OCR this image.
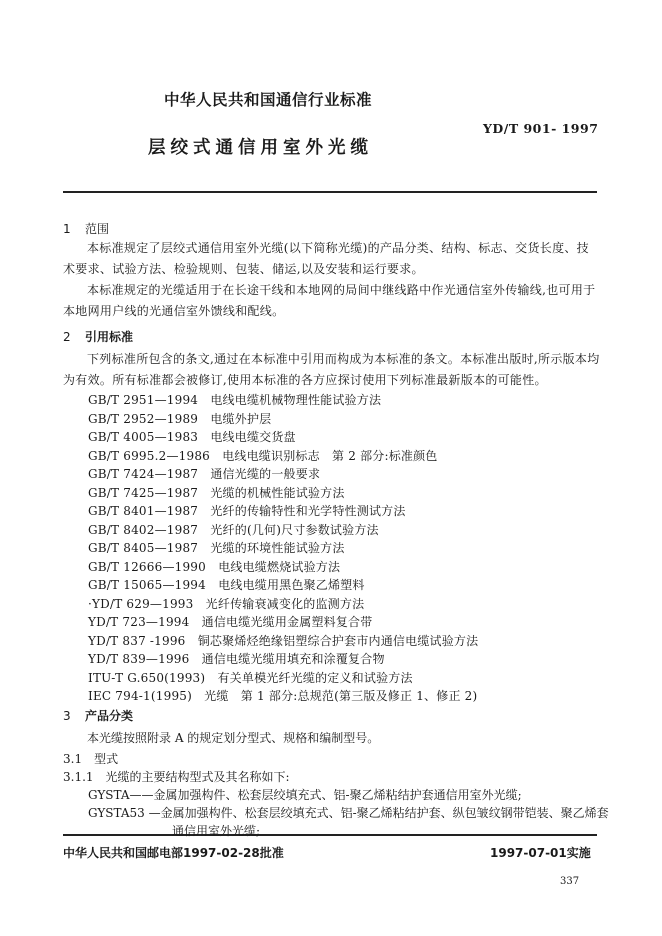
中华人民共和国通信行业标准
YD/T 901- 1997
层绞式通信用室外光缆
1 范围
本标准规定了层绞式通信用室外光缆(以下简称光缆)的产品分类、结构、标志、交货长度、技术要求、试验方法、检验规则、包装、储运,以及安装和运行要求。
本标准规定的光缆适用于在长途干线和本地网的局间中继线路中作光通信室外传输线,也可用于本地网用户线的光通信室外馈线和配线。
2 引用标准
下列标准所包含的条文,通过在本标准中引用而构成为本标准的条文。本标准出版时,所示版本均为有效。所有标准都会被修订,使用本标准的各方应探讨使用下列标准最新版本的可能性。
GB/T 2951—1994　 电线电缆机械物理性能试验方法
GB/T 2952—1989　 电缆外护层
GB/T 4005—1983　 电线电缆交货盘
GB/T 6995.2—1986　 电线电缆识别标志　第 2 部分:标准颜色
GB/T 7424—1987　 通信光缆的一般要求
GB/T 7425—1987　 光缆的机械性能试验方法
GB/T 8401—1987　 光纤的传输特性和光学特性测试方法
GB/T 8402—1987　 光纤的(几何)尺寸参数试验方法
GB/T 8405—1987　 光缆的环境性能试验方法
GB/T 12666—1990　 电线电缆燃烧试验方法
GB/T 15065—1994　 电线电缆用黑色聚乙烯塑料
·YD/T 629—1993　 光纤传输衰减变化的监测方法
YD/T 723—1994　 通信电缆光缆用金属塑料复合带
YD/T 837 -1996　 铜芯聚烯烃绝缘铝塑综合护套市内通信电缆试验方法
YD/T 839—1996　 通信电缆光缆用填充和涂覆复合物
ITU-T G.650(1993)　 有关单模光纤光缆的定义和试验方法
IEC 794-1(1995)　 光缆　第 1 部分:总规范(第三版及修正 1、修正 2)
3 产品分类
本光缆按照附录 A 的规定划分型式、规格和编制型号。
3.1　 型式
中华人民共和国邮电部1997-02-28批准	1997-07-01实施
337
3.1.1　光缆的主要结构型式及其名称如下:
GYSTA——金属加强构件、松套层绞填充式、铝-聚乙烯粘结护套通信用室外光缆;
GYSTA53 —金属加强构件、松套层绞填充式、铝-聚乙烯粘结护套、纵包皱纹钢带铠装、聚乙烯套
通信用室外光缆;
